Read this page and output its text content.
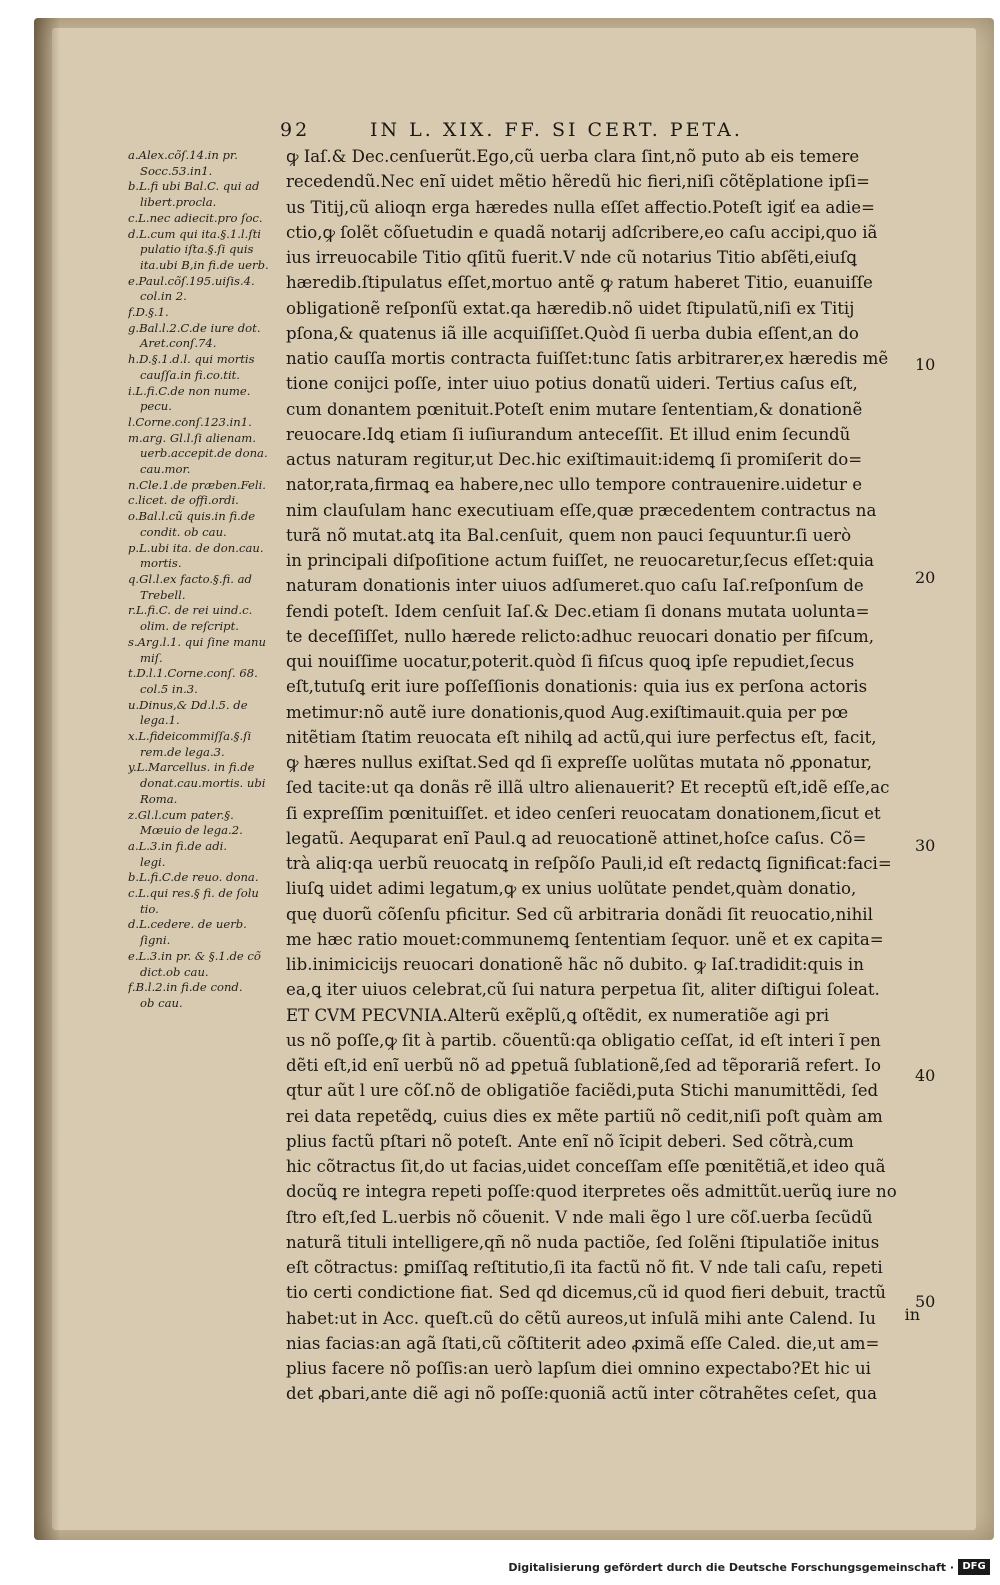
92	IN L. XIX. FF. SI CERT. PETA.
a.Alex.cõſ.14.in pr.
Socc.53.in1.
b.L.fi ubi Bal.C. qui ad
libert.procla.
c.L.nec adiecit.pro ſoc.
d.L.cum qui ita.§.1.l.ſti
pulatio iſta.§.ſi quis
ita.ubi B,in fi.de uerb.
e.Paul.cõſ.195.uiſis.4.
col.in 2.
f.D.§.1.
g.Bal.l.2.C.de iure dot.
Aret.conſ.74.
h.D.§.1.d.l. qui mortis
cauſſa.in fi.co.tit.
i.L.fi.C.de non nume.
pecu.
l.Corne.conſ.123.in1.
m.arg. Gl.l.ſi alienam.
uerb.accepit.de dona.
cau.mor.
n.Cle.1.de præben.Feli.
c.licet. de offi.ordi.
o.Bal.l.cũ quis.in fi.de
condit. ob cau.
p.L.ubi ita. de don.cau.
mortis.
q.Gl.l.ex facto.§.fi. ad
Trebell.
r.L.fi.C. de rei uind.c.
olim. de reſcript.
s.Arg.l.1. qui ſine manu
miſ.
t.D.l.1.Corne.conſ. 68.
col.5 in.3.
u.Dinus,& Dd.l.5. de
lega.1.
x.L.fideicommiſſa.§.ſi
rem.de lega.3.
y.L.Marcellus. in fi.de
donat.cau.mortis. ubi
Roma.
z.Gl.l.cum pater.§.
Mœuio de lega.2.
a.L.3.in fi.de adi.
legi.
b.L.fi.C.de reuo. dona.
c.L.qui res.§ fi. de ſolu
tio.
d.L.cedere. de uerb.
ſigni.
e.L.3.in pr. & §.1.de cõ
dict.ob cau.
f.B.l.2.in fi.de cond.
ob cau.
ꝙ Iaſ.& Dec.cenſuerũt.Ego,cũ uerba clara ſint,nõ puto ab eis temere
recedendũ.Nec enĩ uidet mẽtio hẽredũ hic fieri,niſi cõtẽplatione ipſi=
us Titij,cũ alioqn erga hæredes nulla eſſet affectio.Poteſt igiť ea adie=
ctio,ꝙ ſolẽt cõſuetudin e quadã notarij adſcribere,eo caſu accipi,quo iã
ius irreuocabile Titio qſitũ fuerit.V nde cũ notarius Titio abſẽti,eiuſꝗ
hæredib.ſtipulatus eſſet,mortuo antẽ ꝙ ratum haberet Titio, euanuiſſe
obligationẽ reſponſũ extat.qa hæredib.nõ uidet ſtipulatũ,niſi ex Titij
pſona,& quatenus iã ille acquiſiſſet.Quòd ſi uerba dubia eſſent,an do
natio cauſſa mortis contracta fuiſſet:tunc ſatis arbitrarer,ex hæredis mẽ
tione conijci poſſe, inter uiuo potius donatũ uideri. Tertius caſus eſt,
cum donantem pœnituit.Poteſt enim mutare ſententiam,& donationẽ
reuocare.Idꝗ etiam ſi iuſiurandum anteceſſit. Et illud enim ſecundũ
actus naturam regitur,ut Dec.hic exiſtimauit:idemꝗ ſi promiſerit do=
nator,rata,firmaꝗ ea habere,nec ullo tempore contrauenire.uidetur e
nim clauſulam hanc executiuam eſſe,quæ præcedentem contractus na
turã nõ mutat.atꝗ ita Bal.cenſuit, quem non pauci ſequuntur.ſi uerò
in principali diſpoſitione actum fuiſſet, ne reuocaretur,ſecus eſſet:quia
naturam donationis inter uiuos adſumeret.quo caſu Iaſ.reſponſum de
fendi poteſt. Idem cenſuit Iaſ.& Dec.etiam ſi donans mutata uolunta=
te deceſſiſſet, nullo hærede relicto:adhuc reuocari donatio per fiſcum,
qui nouiſſime uocatur,poterit.quòd ſi fiſcus quoꝗ ipſe repudiet,ſecus
eſt,tutuſꝗ erit iure poſſeſſionis donationis: quia ius ex perſona actoris
metimur:nõ autẽ iure donationis,quod Aug.exiſtimauit.quia per pœ
nitẽtiam ſtatim reuocata eſt nihilꝗ ad actũ,qui iure perfectus eſt, facit,
ꝙ hæres nullus exiſtat.Sed qd ſi expreſſe uolũtas mutata nõ ꝓponatur,
ſed tacite:ut qa donãs rẽ illã ultro alienauerit? Et receptũ eſt,idẽ eſſe,ac
ſi expreſſim pœnituiſſet. et ideo cenſeri reuocatam donationem,ſicut et
legatũ. Aequparat enĩ Paul.ꝗ ad reuocationẽ attinet,hoſce caſus. Cõ=
trà aliq:qa uerbũ reuocatꝗ in reſpõſo Pauli,id eſt redactꝗ ſignificat:faci=
liuſꝗ uidet adimi legatum,ꝙ ex unius uolũtate pendet,quàm donatio,
quę duorũ cõſenſu pficitur. Sed cũ arbitraria donãdi ſit reuocatio,nihil
me hæc ratio mouet:communemꝗ ſententiam ſequor. unẽ et ex capita=
lib.inimicicijs reuocari donationẽ hãc nõ dubito. ꝙ Iaſ.tradidit:quis in
ea,ꝗ iter uiuos celebrat,cũ ſui natura perpetua ſit, aliter diſtigui ſoleat.
ET CVM PECVNIA.Alterũ exẽplũ,ꝗ oſtẽdit, ex numeratiõe agi pri
us nõ poſſe,ꝙ ſit à partib. cõuentũ:qa obligatio ceſſat, id eſt interi ĩ pen
dẽti eſt,id enĩ uerbũ nõ ad ꝑpetuã ſublationẽ,ſed ad tẽporariã refert. Io
qtur aũt l ure cõſ.nõ de obligatiõe faciẽdi,puta Stichi manumittẽdi, ſed
rei data repetẽdꝗ, cuius dies ex mẽte partiũ nõ cedit,niſi poſt quàm am
plius factũ pſtari nõ poteſt. Ante enĩ nõ ĩcipit deberi. Sed cõtrà,cum
hic cõtractus ſit,do ut facias,uidet conceſſam eſſe pœnitẽtiã,et ideo quã
docũꝗ re integra repeti poſſe:quod iterpretes oẽs admittũt.uerũꝗ iure no
ſtro eſt,ſed L.uerbis nõ cõuenit. V nde mali ẽgo l ure cõſ.uerba ſecũdũ
naturã tituli intelligere,qñ nõ nuda pactiõe, ſed ſolẽni ſtipulatiõe initus
eſt cõtractus: ꝑmiſſaꝗ reſtitutio,ſi ita factũ nõ fit. V nde tali caſu, repeti
tio certi condictione fiat. Sed qd dicemus,cũ id quod fieri debuit, tractũ
habet:ut in Acc. queſt.cũ do cẽtũ aureos,ut inſulã mihi ante Calend. Iu
nias facias:an agã ſtati,cũ cõſtiterit adeo ꝓximã eſſe Caled. die,ut am=
plius facere nõ poſſis:an uerò lapſum diei omnino expectabo?Et hic ui
det ꝓbari,ante diẽ agi nõ poſſe:quoniã actũ inter cõtrahẽtes ceſet, qua
10
20
30
40
50
in
Digitalisierung gefördert durch die Deutsche Forschungsgemeinschaft · DFG
